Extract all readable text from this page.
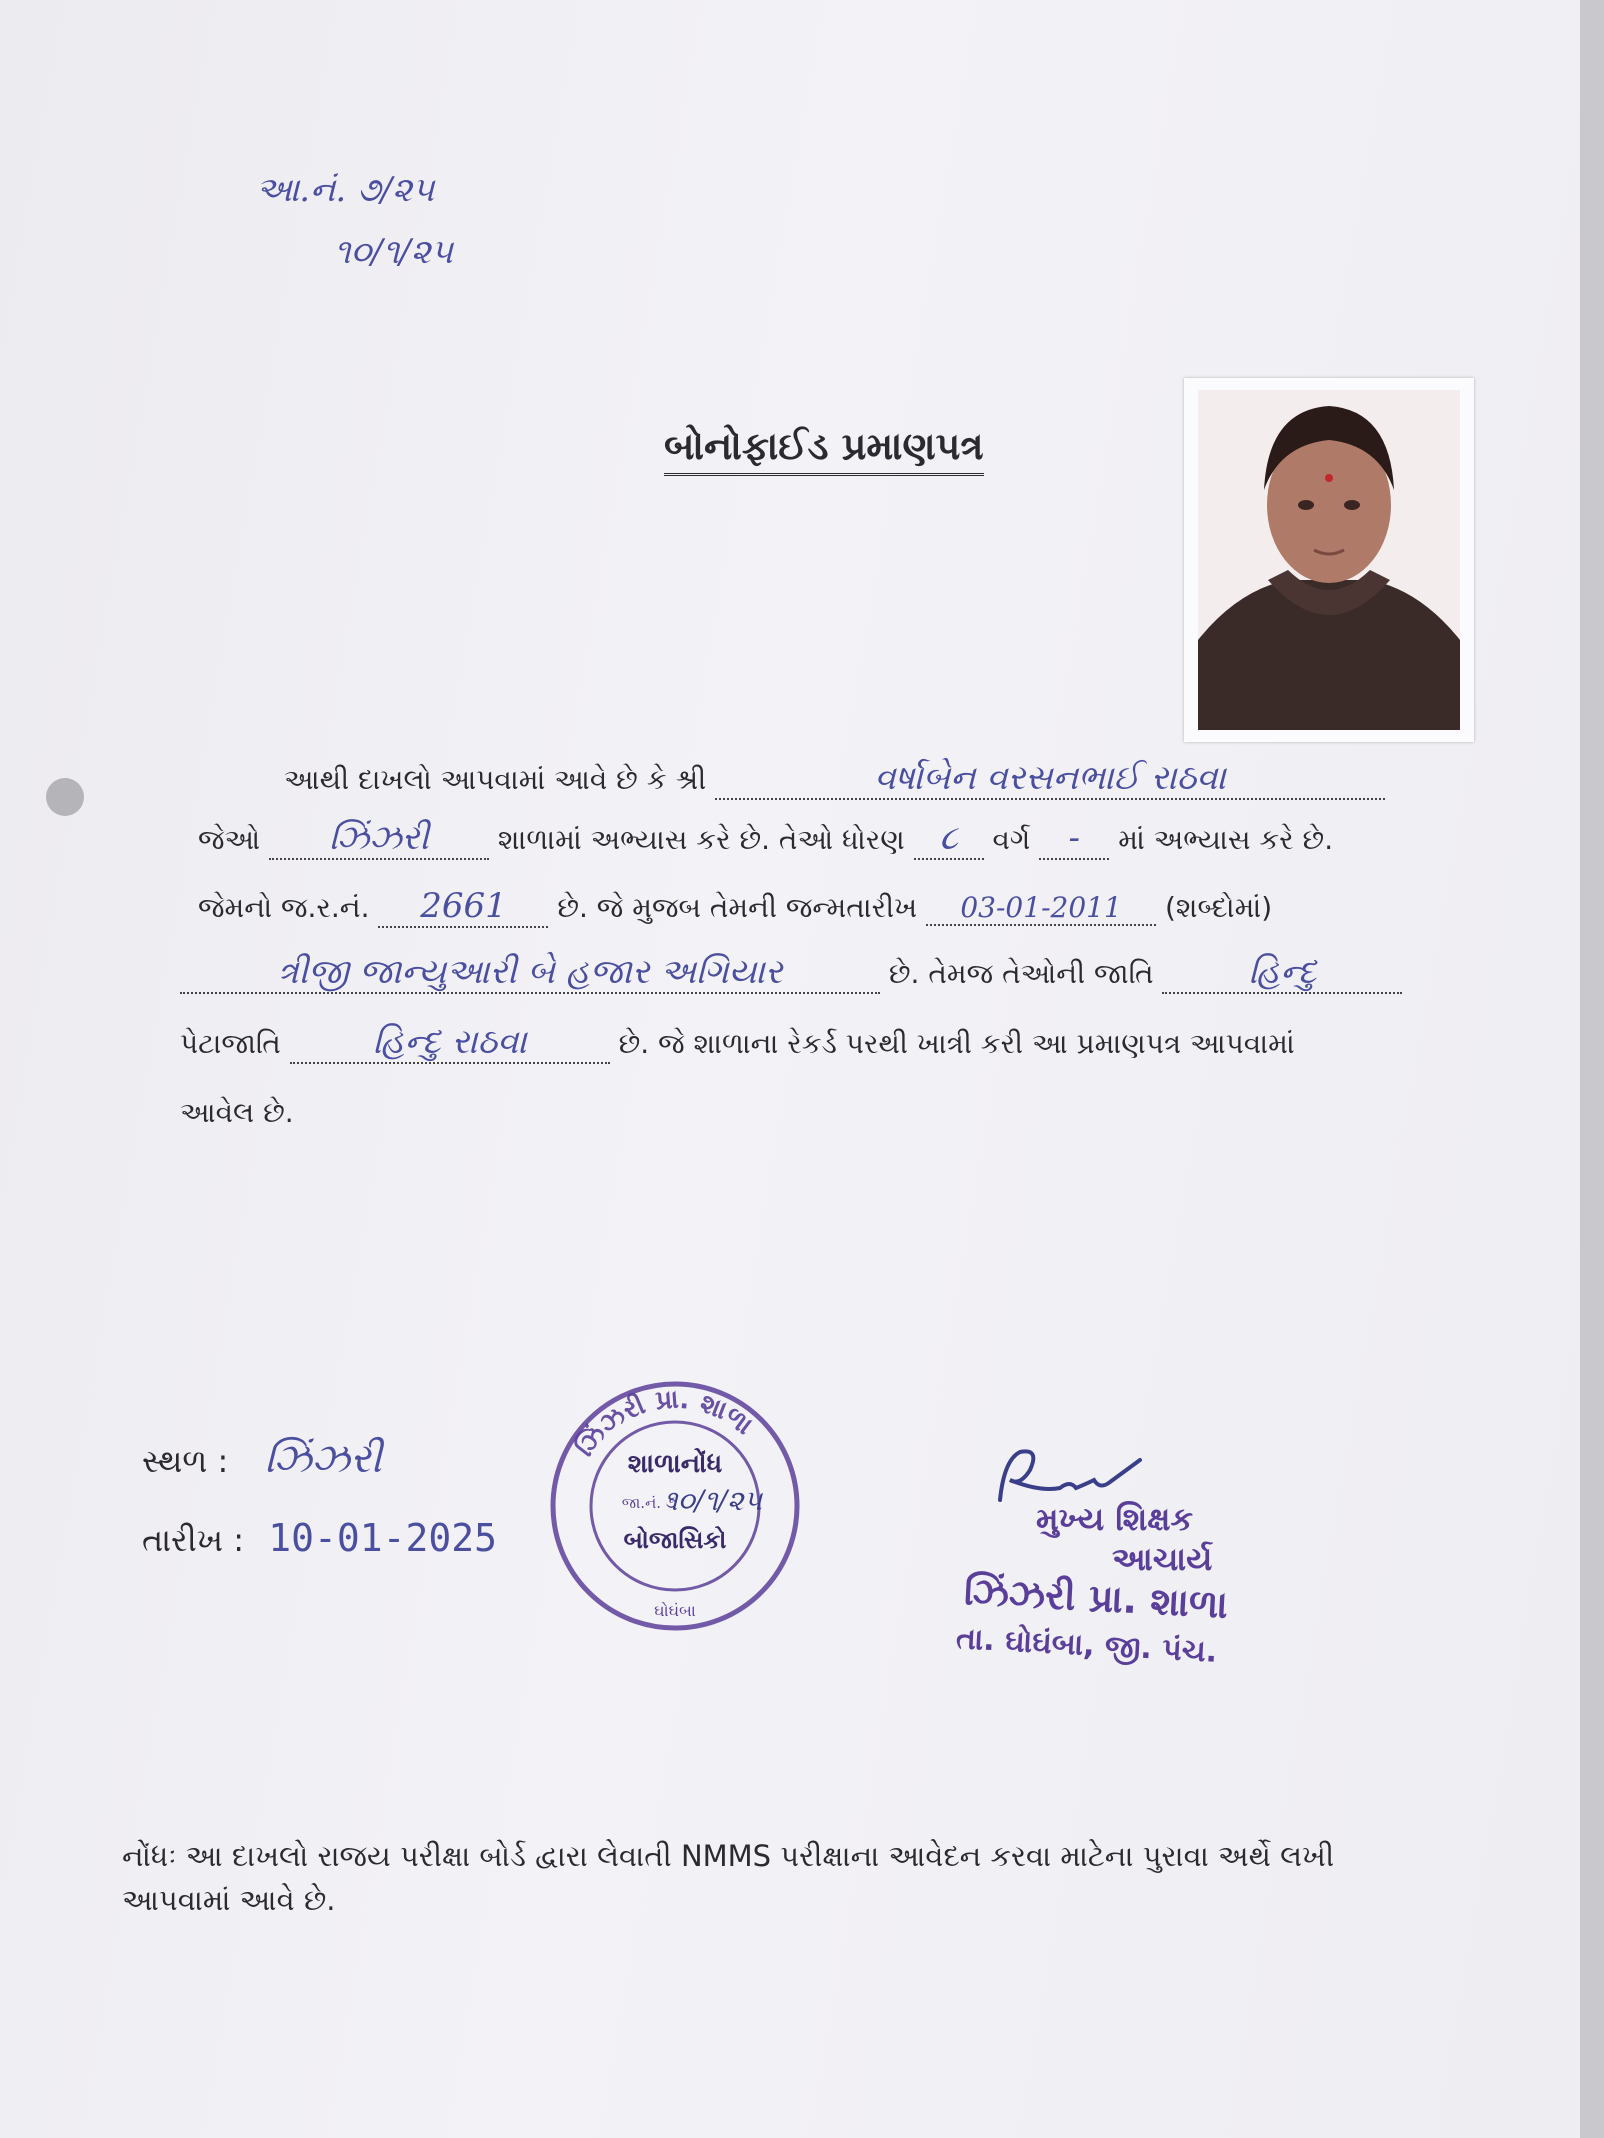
આ.નં. ૭/૨૫
૧૦/૧/૨૫
બોનોફાઈડ પ્રમાણપત્ર
આથી દાખલો આપવામાં આવે છે કે શ્રી	વર્ષાબેન વરસનભાઈ રાઠવા
જેઓ ઝિંઝરી શાળામાં અભ્યાસ કરે છે. તેઓ ધોરણ ૮ વર્ગ - માં અભ્યાસ કરે છે.
જેમનો જ.ર.નં. 2661 છે. જે મુજબ તેમની જન્મતારીખ 03-01-2011 (શબ્દોમાં)
ત્રીજી જાન્યુઆરી બે હજાર અગિયાર	છે. તેમજ તેઓની જાતિ	હિન્દુ
પેટાજાતિ	હિન્દુ રાઠવા	છે. જે શાળાના રેકર્ડ પરથી ખાત્રી કરી આ પ્રમાણપત્ર આપવામાં
આવેલ છે.
સ્થળ : ઝિંઝરી
તારીખ : 10-01-2025
ઝિંઝરી પ્રા. શાળા
શાળાનોંધ
જા.નં. ૭
૧૦/૧/૨૫
બોજાસિકો
ઘોઘંબા
મુખ્ય શિક્ષક
આચાર્ય
ઝિંઝરી પ્રા. શાળા
તા. ઘોઘંબા, જી. પંચ.
નોંધઃ આ દાખલો રાજય પરીક્ષા બોર્ડ દ્વારા લેવાતી NMMS પરીક્ષાના આવેદન કરવા માટેના પુરાવા અર્થે લખી આપવામાં આવે છે.
